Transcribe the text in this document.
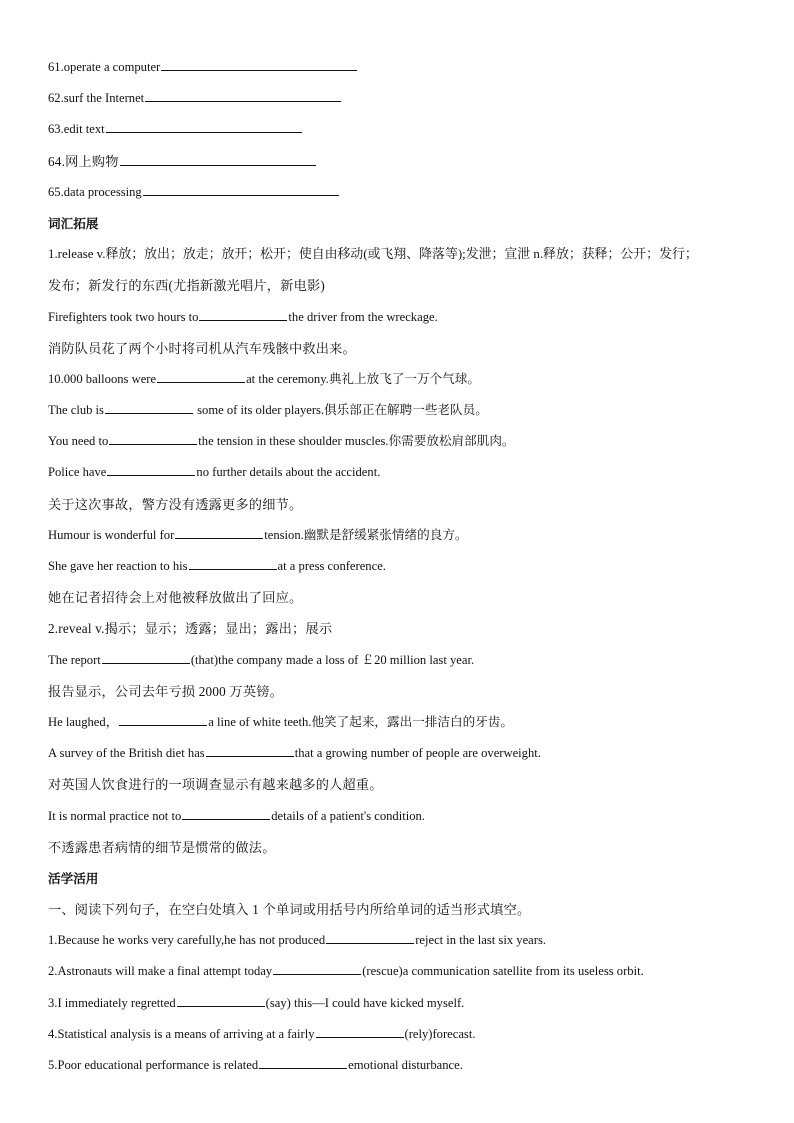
61.operate a computer
62.surf the Internet
63.edit text
64.网上购物
65.data processing
词汇拓展
1.release v.释放；放出；放走；放开；松开；使自由移动(或飞翔、降落等);发泄；宣泄 n.释放；获释；公开；发行；
发布；新发行的东西(尤指新激光唱片，新电影)
Firefighters took two hours to	the driver from the wreckage.
消防队员花了两个小时将司机从汽车残骸中救出来。
10.000 balloons were	at the ceremony.典礼上放飞了一万个气球。
The club is	some of its older players.俱乐部正在解聘一些老队员。
You need to	the tension in these shoulder muscles.你需要放松肩部肌肉。
Police have	no further details about the accident.
关于这次事故，警方没有透露更多的细节。
Humour is wonderful for	tension.幽默是舒缓紧张情绪的良方。
She gave her reaction to his	at a press conference.
她在记者招待会上对他被释放做出了回应。
2.reveal v.揭示；显示；透露；显出；露出；展示
The report	(that)the company made a loss of ￡20 million last year.
报告显示，公司去年亏损 2000 万英镑。
He laughed，	a line of white teeth.他笑了起来，露出一排洁白的牙齿。
A survey of the British diet has	that a growing number of people are overweight.
对英国人饮食进行的一项调查显示有越来越多的人超重。
It is normal practice not to	details of a patient's condition.
不透露患者病情的细节是惯常的做法。
活学活用
一、阅读下列句子，在空白处填入 1 个单词或用括号内所给单词的适当形式填空。
1.Because he works very carefully,he has not produced	reject in the last six years.
2.Astronauts will make a final attempt today	(rescue)a communication satellite from its useless orbit.
3.I immediately regretted	(say) this—I could have kicked myself.
4.Statistical analysis is a means of arriving at a fairly	(rely)forecast.
5.Poor educational performance is related	emotional disturbance.
